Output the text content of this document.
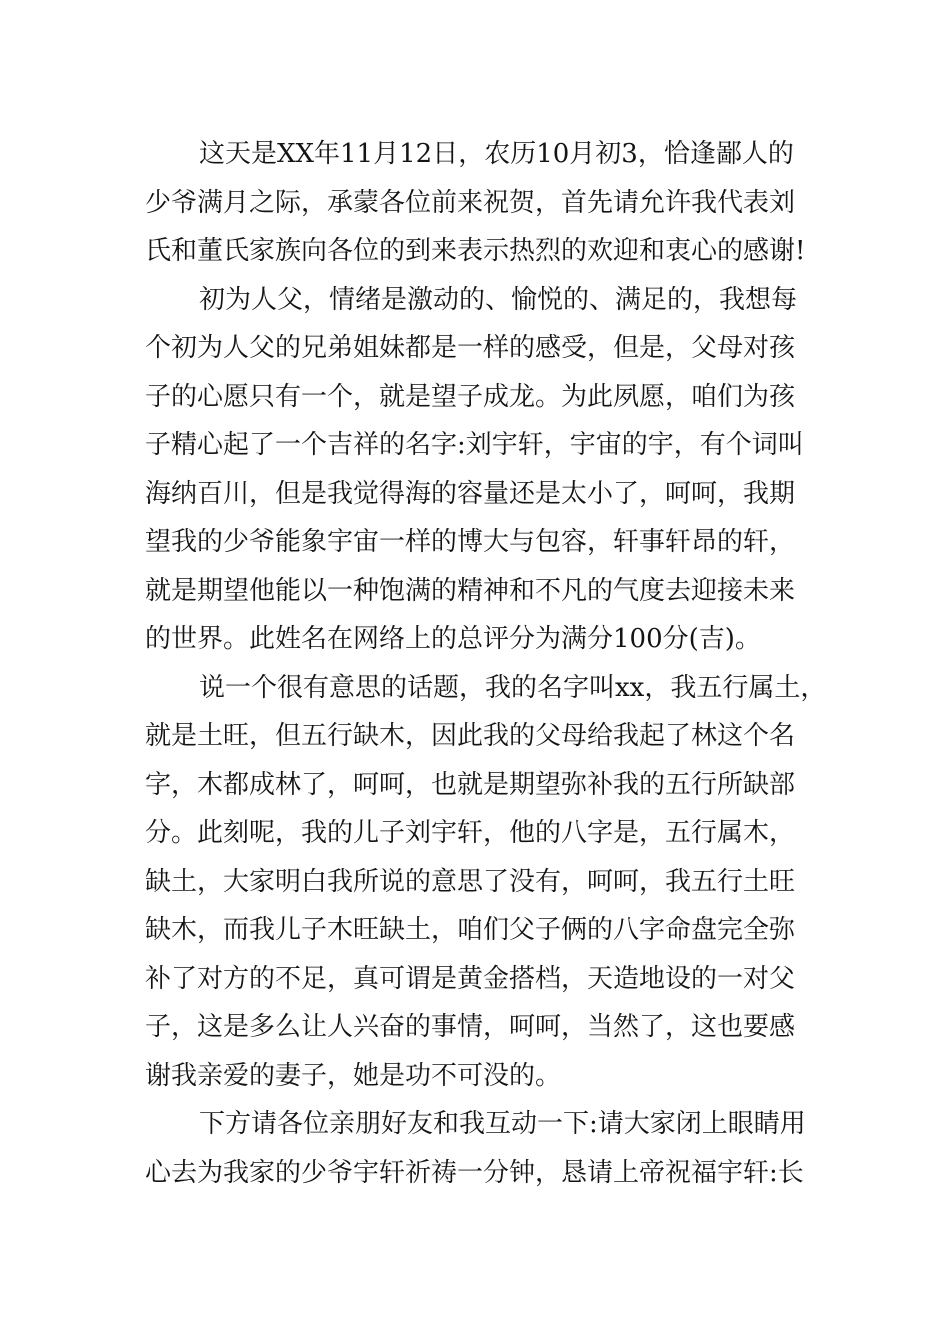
这天是XX年11月12日，农历10月初3，恰逢鄙人的
少爷满月之际，承蒙各位前来祝贺，首先请允许我代表刘
氏和董氏家族向各位的到来表示热烈的欢迎和衷心的感谢!
初为人父，情绪是激动的、愉悦的、满足的，我想每
个初为人父的兄弟姐妹都是一样的感受，但是，父母对孩
子的心愿只有一个，就是望子成龙。为此夙愿，咱们为孩
子精心起了一个吉祥的名字:刘宇轩，宇宙的宇，有个词叫
海纳百川，但是我觉得海的容量还是太小了，呵呵，我期
望我的少爷能象宇宙一样的博大与包容，轩事轩昂的轩，
就是期望他能以一种饱满的精神和不凡的气度去迎接未来
的世界。此姓名在网络上的总评分为满分100分(吉)。
说一个很有意思的话题，我的名字叫xx，我五行属土，
就是土旺，但五行缺木，因此我的父母给我起了林这个名
字，木都成林了，呵呵，也就是期望弥补我的五行所缺部
分。此刻呢，我的儿子刘宇轩，他的八字是，五行属木，
缺土，大家明白我所说的意思了没有，呵呵，我五行土旺
缺木，而我儿子木旺缺土，咱们父子俩的八字命盘完全弥
补了对方的不足，真可谓是黄金搭档，天造地设的一对父
子，这是多么让人兴奋的事情，呵呵，当然了，这也要感
谢我亲爱的妻子，她是功不可没的。
下方请各位亲朋好友和我互动一下:请大家闭上眼睛用
心去为我家的少爷宇轩祈祷一分钟，恳请上帝祝福宇轩:长
